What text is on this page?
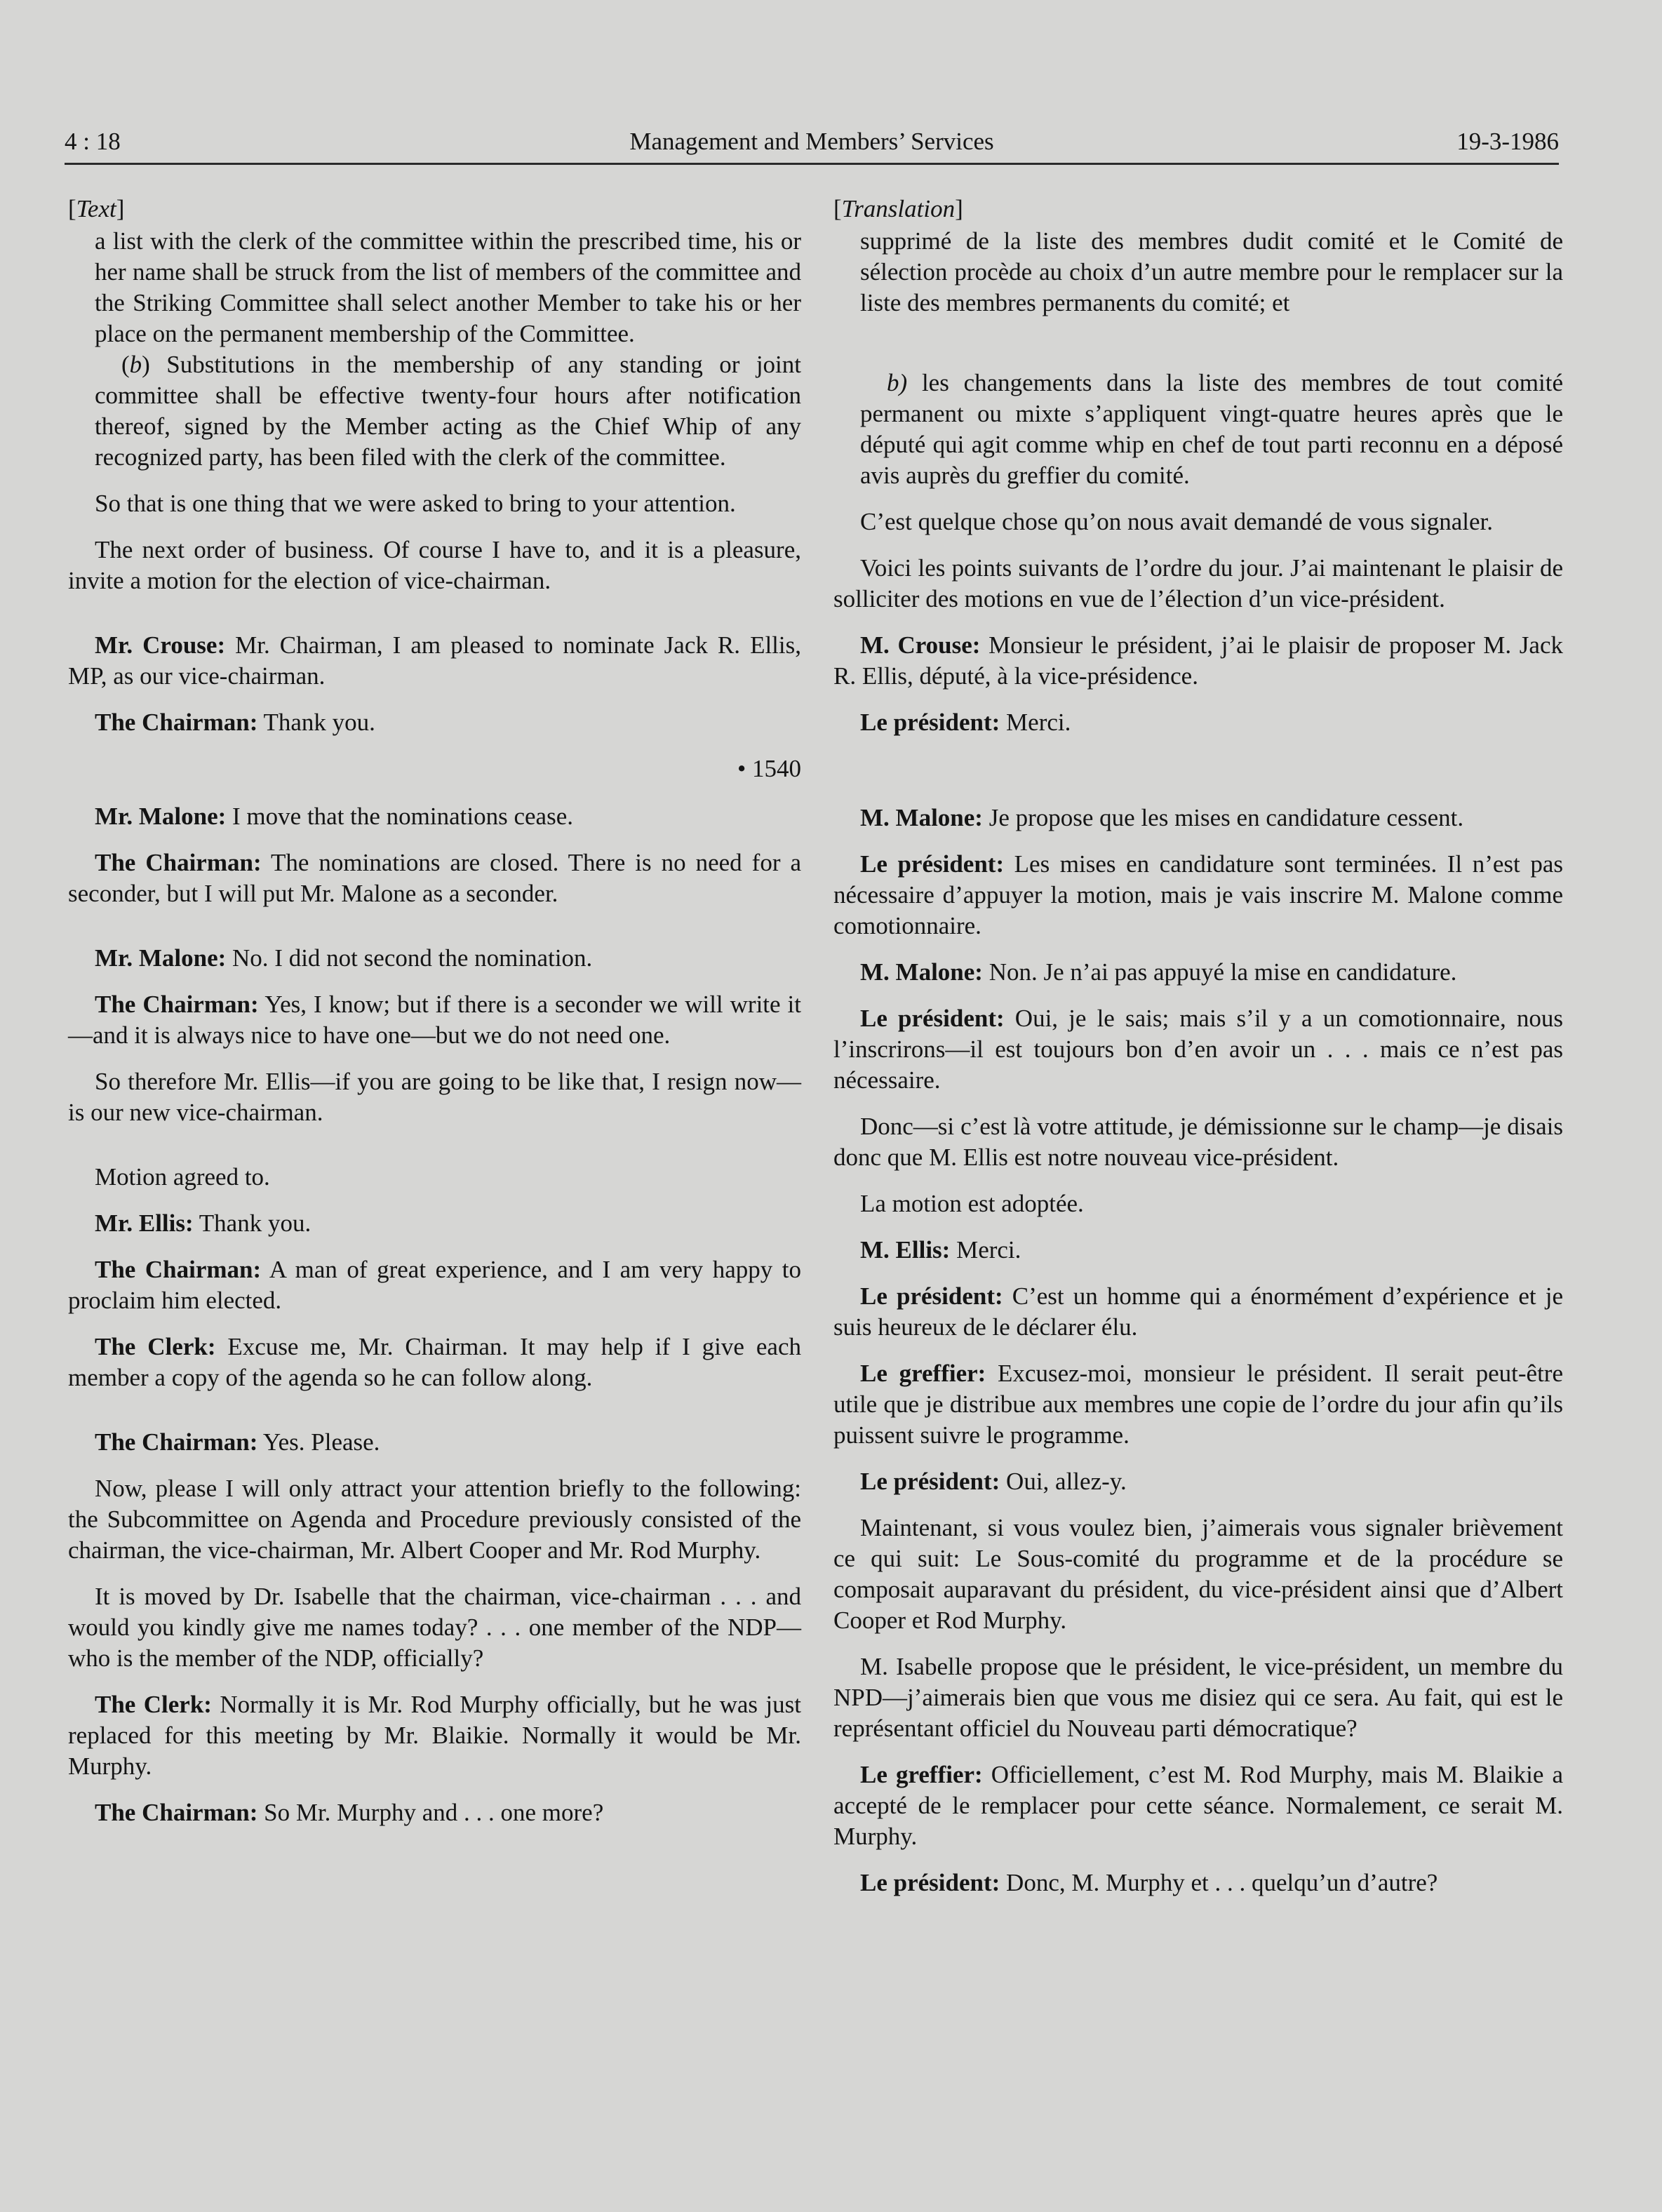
4 : 18	Management and Members’ Services	19-3-1986
[Text]

a list with the clerk of the committee within the prescribed time, his or her name shall be struck from the list of members of the committee and the Striking Committee shall select another Member to take his or her place on the permanent membership of the Committee.

(b) Substitutions in the membership of any standing or joint committee shall be effective twenty-four hours after notification thereof, signed by the Member acting as the Chief Whip of any recognized party, has been filed with the clerk of the committee.

So that is one thing that we were asked to bring to your attention.

The next order of business. Of course I have to, and it is a pleasure, invite a motion for the election of vice-chairman.

Mr. Crouse: Mr. Chairman, I am pleased to nominate Jack R. Ellis, MP, as our vice-chairman.

The Chairman: Thank you.

• 1540

Mr. Malone: I move that the nominations cease.

The Chairman: The nominations are closed. There is no need for a seconder, but I will put Mr. Malone as a seconder.

Mr. Malone: No. I did not second the nomination.

The Chairman: Yes, I know; but if there is a seconder we will write it—and it is always nice to have one—but we do not need one.

So therefore Mr. Ellis—if you are going to be like that, I resign now—is our new vice-chairman.

Motion agreed to.

Mr. Ellis: Thank you.

The Chairman: A man of great experience, and I am very happy to proclaim him elected.

The Clerk: Excuse me, Mr. Chairman. It may help if I give each member a copy of the agenda so he can follow along.

The Chairman: Yes. Please.

Now, please I will only attract your attention briefly to the following: the Subcommittee on Agenda and Procedure previously consisted of the chairman, the vice-chairman, Mr. Albert Cooper and Mr. Rod Murphy.

It is moved by Dr. Isabelle that the chairman, vice-chairman . . . and would you kindly give me names today? . . . one member of the NDP—who is the member of the NDP, officially?

The Clerk: Normally it is Mr. Rod Murphy officially, but he was just replaced for this meeting by Mr. Blaikie. Normally it would be Mr. Murphy.

The Chairman: So Mr. Murphy and . . . one more?

[Translation]

supprimé de la liste des membres dudit comité et le Comité de sélection procède au choix d’un autre membre pour le remplacer sur la liste des membres permanents du comité; et

b) les changements dans la liste des membres de tout comité permanent ou mixte s’appliquent vingt-quatre heures après que le député qui agit comme whip en chef de tout parti reconnu en a déposé avis auprès du greffier du comité.

C’est quelque chose qu’on nous avait demandé de vous signaler.

Voici les points suivants de l’ordre du jour. J’ai maintenant le plaisir de solliciter des motions en vue de l’élection d’un vice-président.

M. Crouse: Monsieur le président, j’ai le plaisir de proposer M. Jack R. Ellis, député, à la vice-présidence.

Le président: Merci.

M. Malone: Je propose que les mises en candidature cessent.

Le président: Les mises en candidature sont terminées. Il n’est pas nécessaire d’appuyer la motion, mais je vais inscrire M. Malone comme comotionnaire.

M. Malone: Non. Je n’ai pas appuyé la mise en candidature.

Le président: Oui, je le sais; mais s’il y a un comotionnaire, nous l’inscrirons—il est toujours bon d’en avoir un . . . mais ce n’est pas nécessaire.

Donc—si c’est là votre attitude, je démissionne sur le champ—je disais donc que M. Ellis est notre nouveau vice-président.

La motion est adoptée.

M. Ellis: Merci.

Le président: C’est un homme qui a énormément d’expérience et je suis heureux de le déclarer élu.

Le greffier: Excusez-moi, monsieur le président. Il serait peut-être utile que je distribue aux membres une copie de l’ordre du jour afin qu’ils puissent suivre le programme.

Le président: Oui, allez-y.

Maintenant, si vous voulez bien, j’aimerais vous signaler brièvement ce qui suit: Le Sous-comité du programme et de la procédure se composait auparavant du président, du vice-président ainsi que d’Albert Cooper et Rod Murphy.

M. Isabelle propose que le président, le vice-président, un membre du NPD—j’aimerais bien que vous me disiez qui ce sera. Au fait, qui est le représentant officiel du Nouveau parti démocratique?

Le greffier: Officiellement, c’est M. Rod Murphy, mais M. Blaikie a accepté de le remplacer pour cette séance. Normalement, ce serait M. Murphy.

Le président: Donc, M. Murphy et . . . quelqu’un d’autre?
